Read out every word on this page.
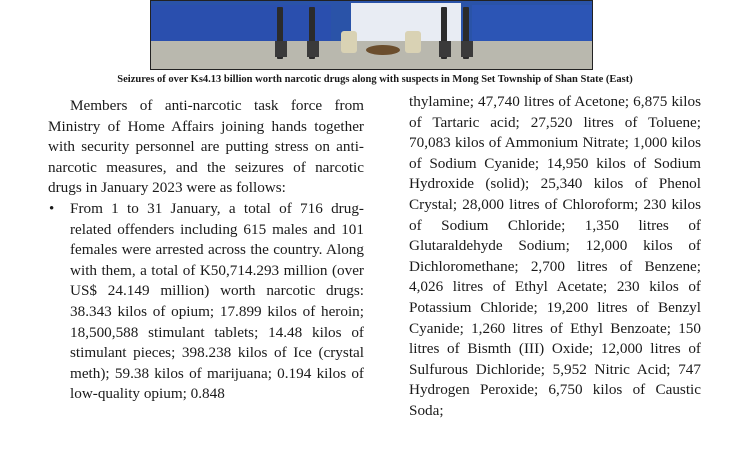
Seizures of over Ks4.13 billion worth narcotic drugs along with suspects in Mong Set Township of Shan State (East)

Members of anti-narcotic task force from Ministry of Home Affairs joining hands together with security personnel are putting stress on anti-narcotic measures, and the seizures of narcotic drugs in January 2023 were as follows:

• From 1 to 31 January, a total of 716 drug-related offenders including 615 males and 101 females were arrested across the country. Along with them, a total of K50,714.293 million (over US$ 24.149 million) worth narcotic drugs: 38.343 kilos of opium; 17.899 kilos of heroin; 18,500,588 stimulant tablets; 14.48 kilos of stimulant pieces; 398.238 kilos of Ice (crystal meth); 59.38 kilos of marijuana; 0.194 kilos of low-quality opium; 0.848

thylamine; 47,740 litres of Acetone; 6,875 kilos of Tartaric acid; 27,520 litres of Toluene; 70,083 kilos of Ammonium Nitrate; 1,000 kilos of Sodium Cyanide; 14,950 kilos of Sodium Hydroxide (solid); 25,340 kilos of Phenol Crystal; 28,000 litres of Chloroform; 230 kilos of Sodium Chloride; 1,350 litres of Glutaraldehyde Sodium; 12,000 kilos of Dichloromethane; 2,700 litres of Benzene; 4,026 litres of Ethyl Acetate; 230 kilos of Potassium Chloride; 19,200 litres of Benzyl Cyanide; 1,260 litres of Ethyl Benzoate; 150 litres of Bismth (III) Oxide; 12,000 litres of Sulfurous Dichloride; 5,952 Nitric Acid; 747 Hydrogen Peroxide; 6,750 kilos of Caustic Soda;
